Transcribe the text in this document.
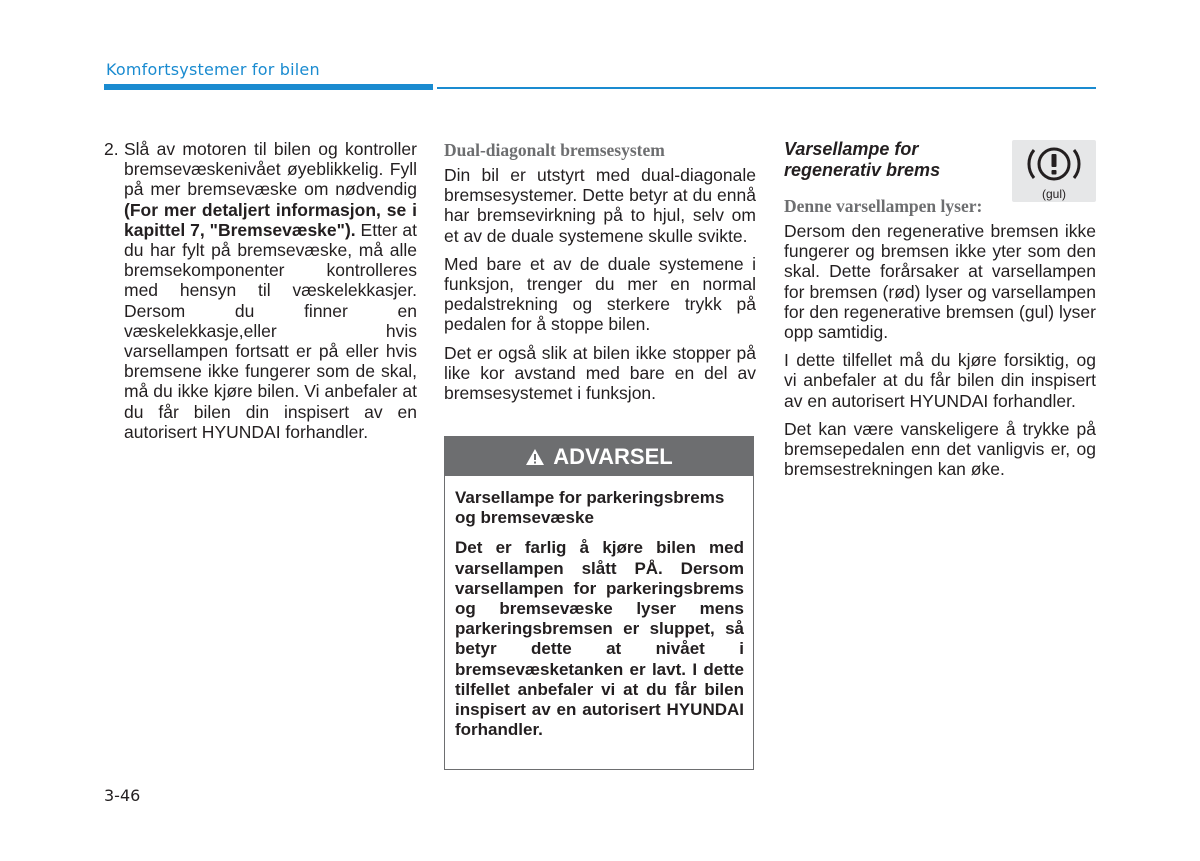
Komfortsystemer for bilen
2. Slå av motoren til bilen og kontroller bremsevæskenivået øyeblikkelig. Fyll på mer bremsevæske om nødvendig (For mer detaljert informasjon, se i kapittel 7, "Bremsevæske"). Etter at du har fylt på bremsevæske, må alle bremsekomponenter kontrolleres med hensyn til væskelekkasjer. Dersom du finner en væskelekkasje,eller hvis varsellampen fortsatt er på eller hvis bremsene ikke fungerer som de skal, må du ikke kjøre bilen. Vi anbefaler at du får bilen din inspisert av en autorisert HYUNDAI forhandler.
Dual-diagonalt bremsesystem

Din bil er utstyrt med dual-diagonale bremsesystemer. Dette betyr at du ennå har bremsevirkning på to hjul, selv om et av de duale systemene skulle svikte.

Med bare et av de duale systemene i funksjon, trenger du mer en normal pedalstrekning og sterkere trykk på pedalen for å stoppe bilen.

Det er også slik at bilen ikke stopper på like kor avstand med bare en del av bremsesystemet i funksjon.

ADVARSEL

Varsellampe for parkeringsbrems og bremsevæske

Det er farlig å kjøre bilen med varsellampen slått PÅ. Dersom varsellampen for parkeringsbrems og bremsevæske lyser mens parkeringsbremsen er sluppet, så betyr dette at nivået i bremsevæsketanken er lavt. I dette tilfellet anbefaler vi at du får bilen inspisert av en autorisert HYUNDAI forhandler.

Varsellampe for regenerativ brems
Denne varsellampen lyser:

Dersom den regenerative bremsen ikke fungerer og bremsen ikke yter som den skal. Dette forårsaker at varsellampen for bremsen (rød) lyser og varsellampen for den regenerative bremsen (gul) lyser opp samtidig.

I dette tilfellet må du kjøre forsiktig, og vi anbefaler at du får bilen din inspisert av en autorisert HYUNDAI forhandler.

Det kan være vanskeligere å trykke på bremsepedalen enn det vanligvis er, og bremsestrekningen kan øke.

(gul)
3-46
